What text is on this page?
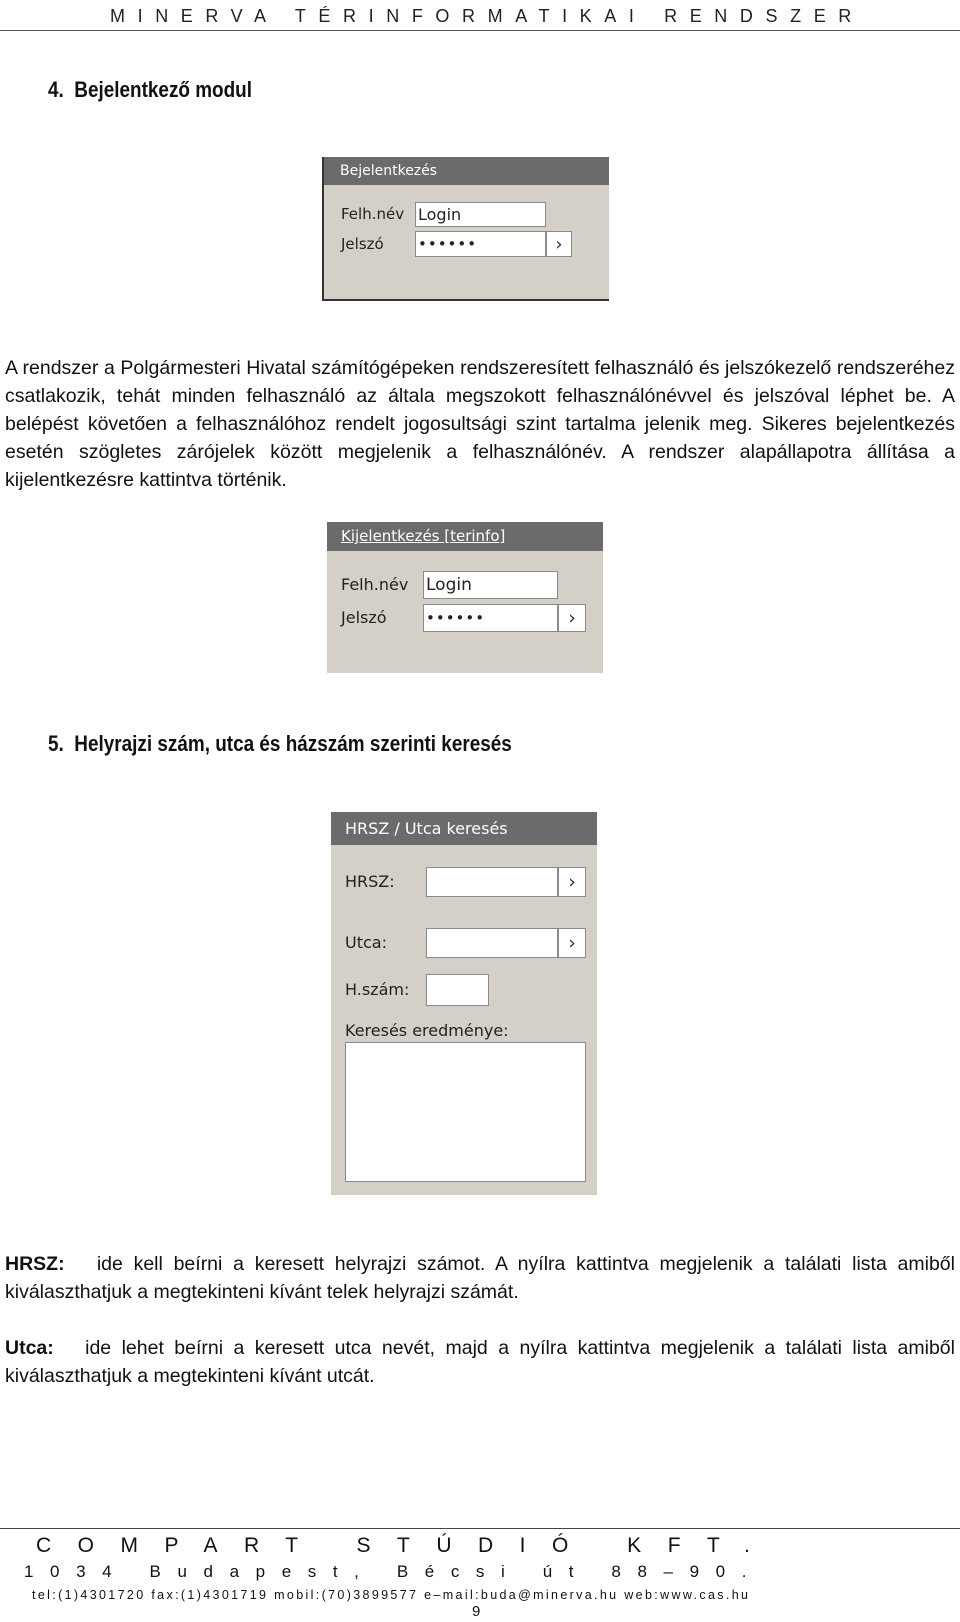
MINERVA TÉRINFORMATIKAI RENDSZER
4. Bejelentkező modul
Bejelentkezés
Felh.név Login
Jelszó ••••••	›

A rendszer a Polgármesteri Hivatal számítógépeken rendszeresített felhasználó és jelszókezelő rendszeréhez csatlakozik, tehát minden felhasználó az általa megszokott felhasználónévvel és jelszóval léphet be. A belépést követően a felhasználóhoz rendelt jogosultsági szint tartalma jelenik meg. Sikeres bejelentkezés esetén szögletes zárójelek között megjelenik a felhasználónév. A rendszer alapállapotra állítása a kijelentkezésre kattintva történik.

Kijelentkezés [terinfo]
Felh.név Login
Jelszó	••••••	›
5. Helyrajzi szám, utca és házszám szerinti keresés
HRSZ / Utca keresés
HRSZ:	›
Utca:	›
H.szám:
Keresés eredménye:

HRSZ: ide kell beírni a keresett helyrajzi számot. A nyílra kattintva megjelenik a találati lista amiből kiválaszthatjuk a megtekinteni kívánt telek helyrajzi számát.

Utca: ide lehet beírni a keresett utca nevét, majd a nyílra kattintva megjelenik a találati lista amiből kiválaszthatjuk a megtekinteni kívánt utcát.

COMPART STÚDIÓ KFT.
1034 Budapest, Bécsi út 88–90.
tel:(1)4301720 fax:(1)4301719 mobil:(70)3899577 e–mail:buda@minerva.hu web:www.cas.hu
9
